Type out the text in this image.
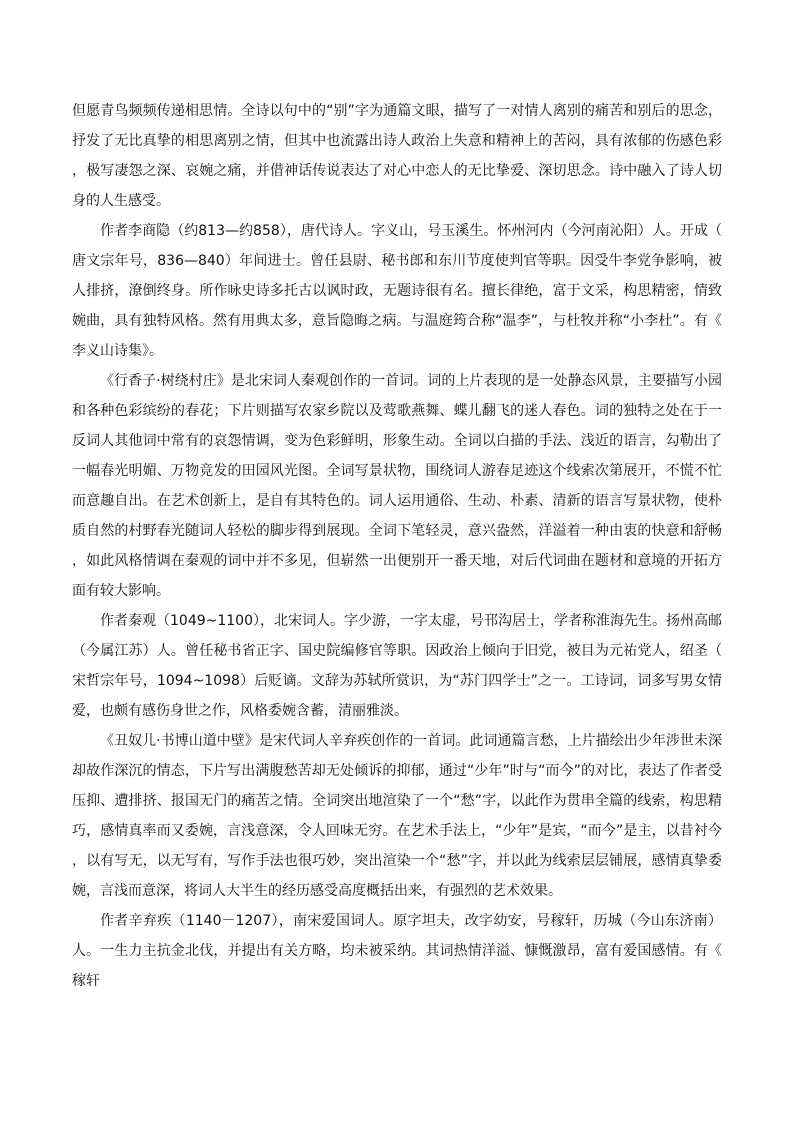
但愿青鸟频频传递相思情。全诗以句中的“别”字为通篇文眼，描写了一对情人离别的痛苦和别后的思念，抒发了无比真挚的相思离别之情，但其中也流露出诗人政治上失意和精神上的苦闷，具有浓郁的伤感色彩，极写凄怨之深、哀婉之痛，并借神话传说表达了对心中恋人的无比挚爱、深切思念。诗中融入了诗人切身的人生感受。

作者李商隐（约813—约858），唐代诗人。字义山，号玉溪生。怀州河内（今河南沁阳）人。开成（唐文宗年号，836—840）年间进士。曾任县尉、秘书郎和东川节度使判官等职。因受牛李党争影响，被人排挤，潦倒终身。所作咏史诗多托古以讽时政，无题诗很有名。擅长律绝，富于文采，构思精密，情致婉曲，具有独特风格。然有用典太多，意旨隐晦之病。与温庭筠合称“温李”，与杜牧并称“小李杜”。有《李义山诗集》。

《行香子·树绕村庄》是北宋词人秦观创作的一首词。词的上片表现的是一处静态风景，主要描写小园和各种色彩缤纷的春花；下片则描写农家乡院以及莺歌燕舞、蝶儿翻飞的迷人春色。词的独特之处在于一反词人其他词中常有的哀怨情调，变为色彩鲜明，形象生动。全词以白描的手法、浅近的语言，勾勒出了一幅春光明媚、万物竞发的田园风光图。全词写景状物，围绕词人游春足迹这个线索次第展开，不慌不忙而意趣自出。在艺术创新上，是自有其特色的。词人运用通俗、生动、朴素、清新的语言写景状物，使朴质自然的村野春光随词人轻松的脚步得到展现。全词下笔轻灵，意兴盎然，洋溢着一种由衷的快意和舒畅，如此风格情调在秦观的词中并不多见，但崭然一出便别开一番天地，对后代词曲在题材和意境的开拓方面有较大影响。

作者秦观（1049~1100），北宋词人。字少游，一字太虚，号邗沟居士，学者称淮海先生。扬州高邮（今属江苏）人。曾任秘书省正字、国史院编修官等职。因政治上倾向于旧党，被目为元祐党人，绍圣（宋哲宗年号，1094~1098）后贬谪。文辞为苏轼所赏识，为“苏门四学士”之一。工诗词，词多写男女情爱，也颇有感伤身世之作，风格委婉含蓄，清丽雅淡。

《丑奴儿·书博山道中壁》是宋代词人辛弃疾创作的一首词。此词通篇言愁，上片描绘出少年涉世未深却故作深沉的情态，下片写出满腹愁苦却无处倾诉的抑郁，通过“少年”时与“而今”的对比，表达了作者受压抑、遭排挤、报国无门的痛苦之情。全词突出地渲染了一个“愁”字，以此作为贯串全篇的线索，构思精巧，感情真率而又委婉，言浅意深，令人回味无穷。在艺术手法上，“少年”是宾，“而今”是主，以昔衬今，以有写无，以无写有，写作手法也很巧妙，突出渲染一个“愁”字，并以此为线索层层铺展，感情真挚委婉，言浅而意深，将词人大半生的经历感受高度概括出来，有强烈的艺术效果。

作者辛弃疾（1140－1207），南宋爱国词人。原字坦夫，改字幼安，号稼轩，历城（今山东济南）人。一生力主抗金北伐，并提出有关方略，均未被采纳。其词热情洋溢、慷慨激昂，富有爱国感情。有《稼轩
